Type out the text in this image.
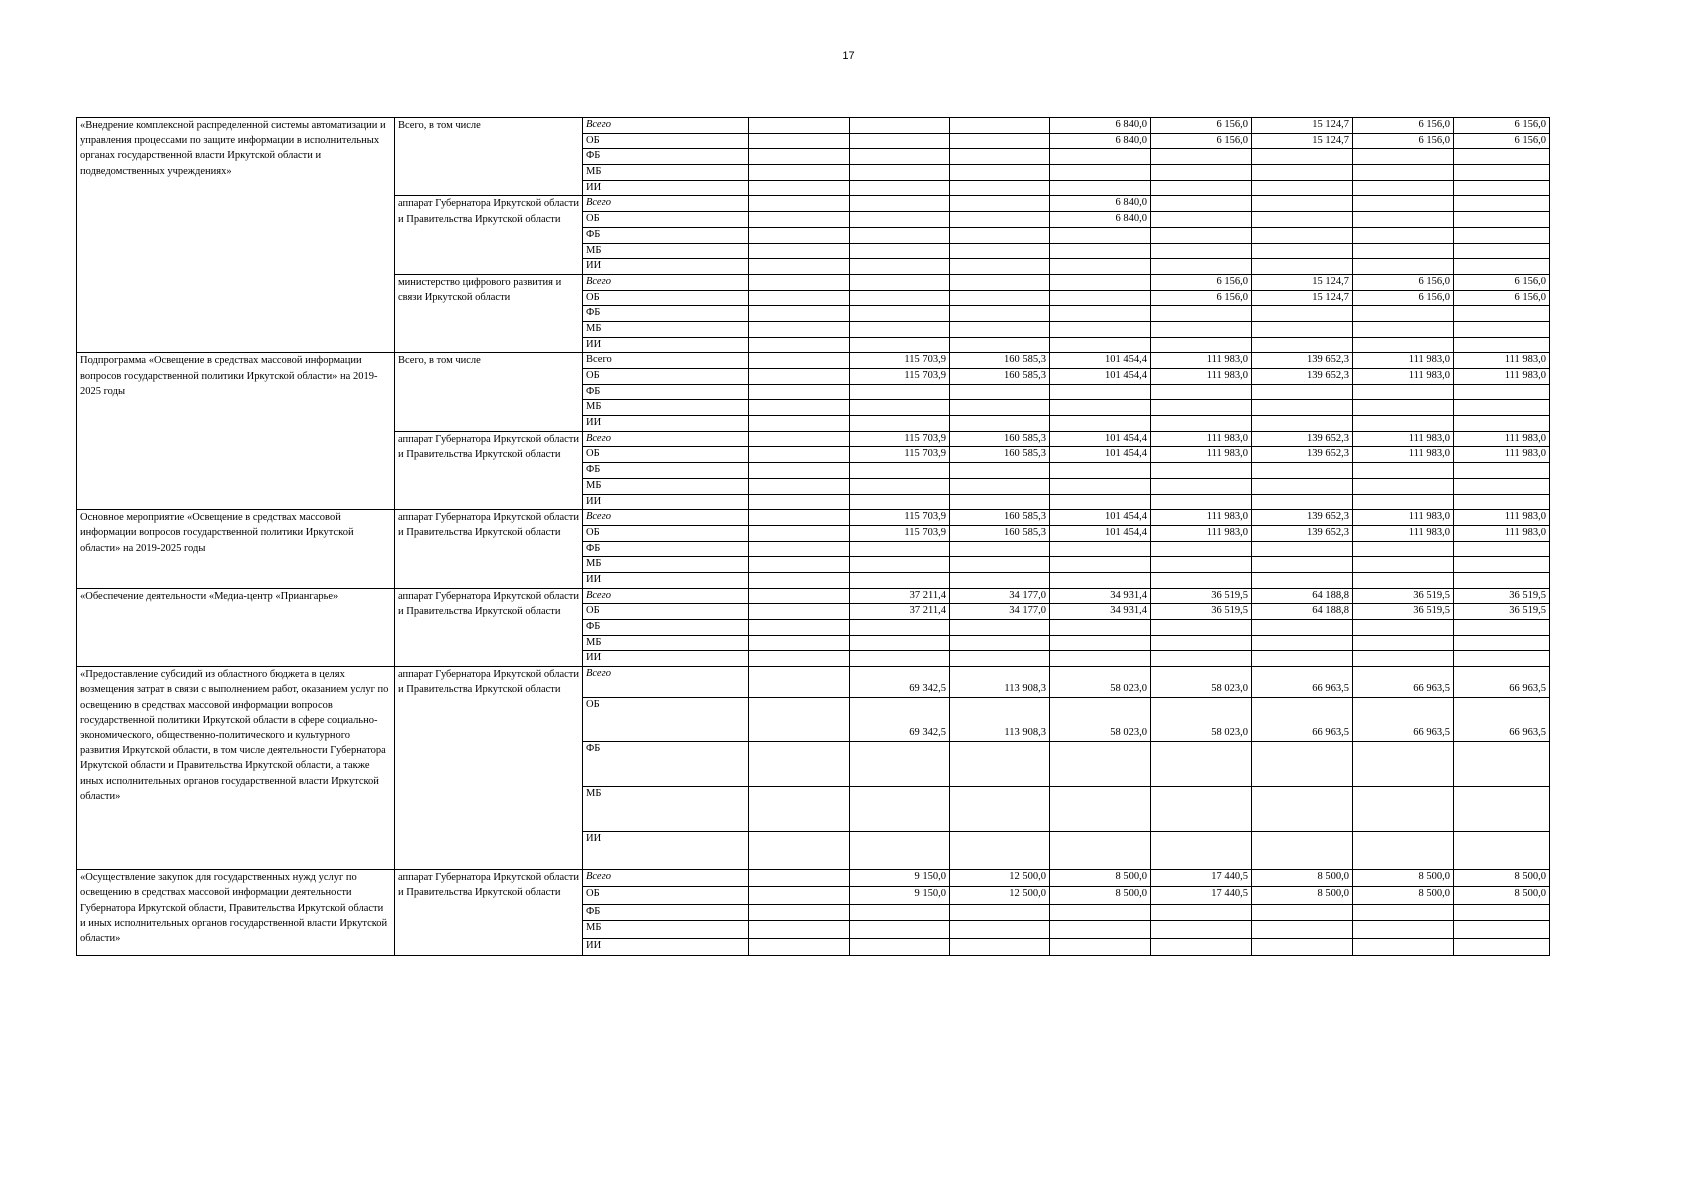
17
«Внедрение комплексной распределенной системы автоматизации и управления процессами по защите информации в исполнительных органах государственной власти Иркутской области и подведомственных учреждениях»	Всего, в том числе	Всего				6 840,0	6 156,0	15 124,7	6 156,0	6 156,0	
		ОБ				6 840,0	6 156,0	15 124,7	6 156,0	6 156,0	
		ФБ									
		МБ									
		ИИ									
	аппарат Губернатора Иркутской области и Правительства Иркутской области	Всего				6 840,0					
		ОБ				6 840,0					
		ФБ									
		МБ									
		ИИ									
	министерство цифрового развития и связи Иркутской области	Всего					6 156,0	15 124,7	6 156,0	6 156,0	
		ОБ					6 156,0	15 124,7	6 156,0	6 156,0	
		ФБ									
		МБ									
		ИИ									
Подпрограмма «Освещение в средствах массовой информации вопросов государственной политики Иркутской области» на 2019-2025 годы	Всего, в том числе	Всего		115 703,9	160 585,3	101 454,4	111 983,0	139 652,3	111 983,0	111 983,0	
		ОБ		115 703,9	160 585,3	101 454,4	111 983,0	139 652,3	111 983,0	111 983,0	
		ФБ									
		МБ									
		ИИ									
	аппарат Губернатора Иркутской области и Правительства Иркутской области	Всего		115 703,9	160 585,3	101 454,4	111 983,0	139 652,3	111 983,0	111 983,0	
		ОБ		115 703,9	160 585,3	101 454,4	111 983,0	139 652,3	111 983,0	111 983,0	
		ФБ									
		МБ									
		ИИ									
Основное мероприятие «Освещение в средствах массовой информации вопросов государственной политики Иркутской области» на 2019-2025 годы	аппарат Губернатора Иркутской области и Правительства Иркутской области	Всего		115 703,9	160 585,3	101 454,4	111 983,0	139 652,3	111 983,0	111 983,0	
		ОБ		115 703,9	160 585,3	101 454,4	111 983,0	139 652,3	111 983,0	111 983,0	
		ФБ									
		МБ									
		ИИ									
«Обеспечение деятельности «Медиа-центр «Приангарье»	аппарат Губернатора Иркутской области и Правительства Иркутской области	Всего		37 211,4	34 177,0	34 931,4	36 519,5	64 188,8	36 519,5	36 519,5	
		ОБ		37 211,4	34 177,0	34 931,4	36 519,5	64 188,8	36 519,5	36 519,5	
		ФБ									
		МБ									
		ИИ									
«Предоставление субсидий из областного бюджета в целях возмещения затрат в связи с выполнением работ, оказанием услуг по освещению в средствах массовой информации вопросов государственной политики Иркутской области в сфере социально-экономического, общественно-политического и культурного развития Иркутской области, в том числе деятельности Губернатора Иркутской области и Правительства Иркутской области, а также иных исполнительных органов государственной власти Иркутской области»	аппарат Губернатора Иркутской области и Правительства Иркутской области	Всего		69 342,5	113 908,3	58 023,0	58 023,0	66 963,5	66 963,5	66 963,5	
		ОБ		69 342,5	113 908,3	58 023,0	58 023,0	66 963,5	66 963,5	66 963,5	
		ФБ									
		МБ									
		ИИ									
«Осуществление закупок для государственных нужд услуг по освещению в средствах массовой информации деятельности Губернатора Иркутской области, Правительства Иркутской области и иных исполнительных органов государственной власти Иркутской области»	аппарат Губернатора Иркутской области и Правительства Иркутской области	Всего		9 150,0	12 500,0	8 500,0	17 440,5	8 500,0	8 500,0	8 500,0	
		ОБ		9 150,0	12 500,0	8 500,0	17 440,5	8 500,0	8 500,0	8 500,0	
		ФБ									
		МБ									
		ИИ									
